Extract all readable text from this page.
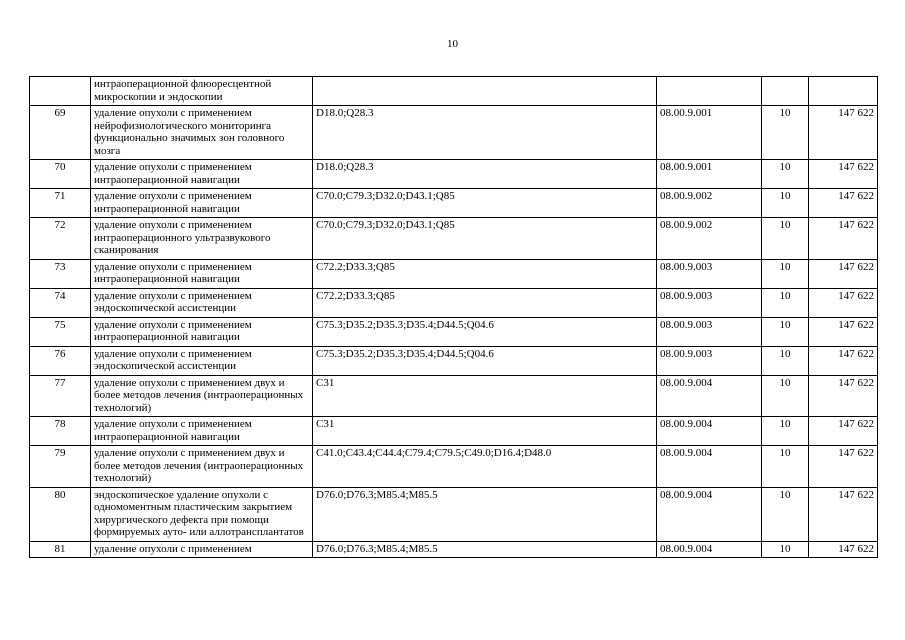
10
	интраоперационной флюоресцентной микроскопии и эндоскопии				
69	удаление опухоли с применением нейрофизиологического мониторинга функционально значимых зон головного мозга	D18.0;Q28.3	08.00.9.001	10	147 622
70	удаление опухоли с применением интраоперационной навигации	D18.0;Q28.3	08.00.9.001	10	147 622
71	удаление опухоли с применением интраоперационной навигации	C70.0;C79.3;D32.0;D43.1;Q85	08.00.9.002	10	147 622
72	удаление опухоли с применением интраоперационного ультразвукового сканирования	C70.0;C79.3;D32.0;D43.1;Q85	08.00.9.002	10	147 622
73	удаление опухоли с применением интраоперационной навигации	C72.2;D33.3;Q85	08.00.9.003	10	147 622
74	удаление опухоли с применением эндоскопической ассистенции	C72.2;D33.3;Q85	08.00.9.003	10	147 622
75	удаление опухоли с применением интраоперационной навигации	C75.3;D35.2;D35.3;D35.4;D44.5;Q04.6	08.00.9.003	10	147 622
76	удаление опухоли с применением эндоскопической ассистенции	C75.3;D35.2;D35.3;D35.4;D44.5;Q04.6	08.00.9.003	10	147 622
77	удаление опухоли с применением двух и более методов лечения (интраоперационных технологий)	C31	08.00.9.004	10	147 622
78	удаление опухоли с применением интраоперационной навигации	C31	08.00.9.004	10	147 622
79	удаление опухоли с применением двух и более методов лечения (интраоперационных технологий)	C41.0;C43.4;C44.4;C79.4;C79.5;C49.0;D16.4;D48.0	08.00.9.004	10	147 622
80	эндоскопическое удаление опухоли с одномоментным пластическим закрытием хирургического дефекта при помощи формируемых ауто- или аллотрансплантатов	D76.0;D76.3;M85.4;M85.5	08.00.9.004	10	147 622
81	удаление опухоли с применением	D76.0;D76.3;M85.4;M85.5	08.00.9.004	10	147 622
